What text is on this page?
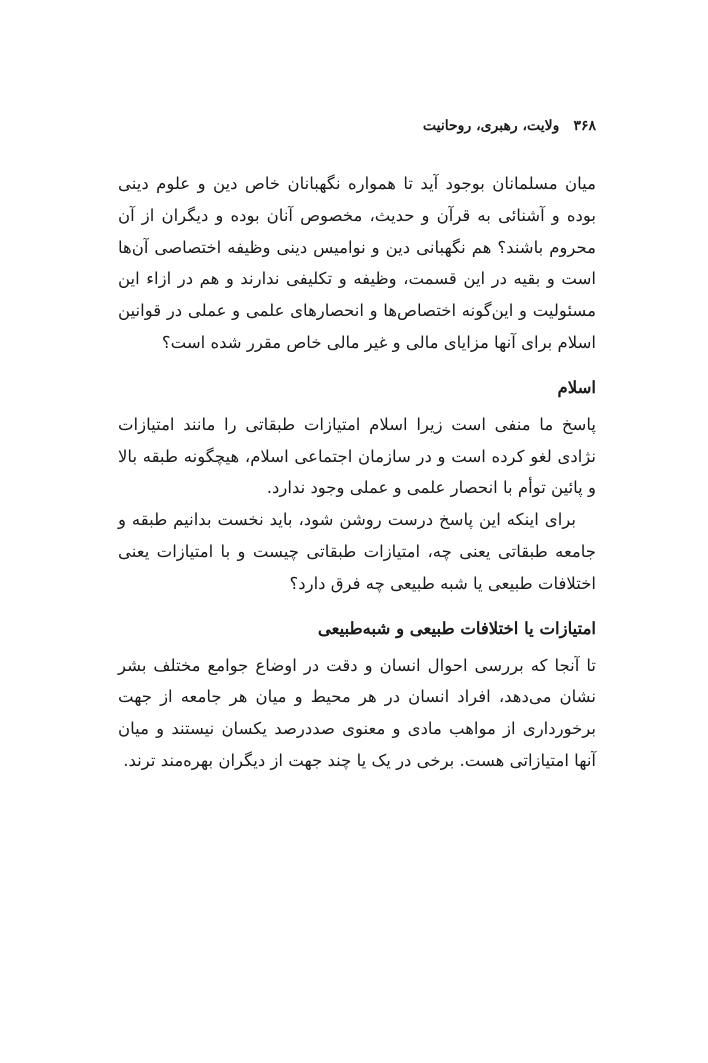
۳۶۸
ولایت، رهبری، روحانیت

میان مسلمانان بوجود آید تا همواره نگهبانان خاص دین و علوم دینی بوده و آشنائی به قرآن و حدیث، مخصوص آنان بوده و دیگران از آن محروم باشند؟ هم نگهبانی دین و نوامیس دینی وظیفه اختصاصی آن‌ها است و بقیه در این قسمت، وظیفه و تکلیفی ندارند و هم در ازاء این مسئولیت و این‌گونه اختصاص‌ها و انحصارهای علمی و عملی در قوانین اسلام برای آنها مزایای مالی و غیر مالی خاص مقرر شده است؟

اسلام

پاسخ ما منفی است زیرا اسلام امتیازات طبقاتی را مانند امتیازات نژادی لغو کرده است و در سازمان اجتماعی اسلام، هیچگونه طبقه بالا و پائین توأم با انحصار علمی و عملی وجود ندارد.

برای اینکه این پاسخ درست روشن شود، باید نخست بدانیم طبقه و جامعه طبقاتی یعنی چه، امتیازات طبقاتی چیست و با امتیازات یعنی اختلافات طبیعی یا شبه طبیعی چه فرق دارد؟

امتیازات یا اختلافات طبیعی و شبه‌طبیعی

تا آنجا که بررسی احوال انسان و دقت در اوضاع جوامع مختلف بشر نشان می‌دهد، افراد انسان در هر محیط و میان هر جامعه از جهت برخورداری از مواهب مادی و معنوی صددرصد یکسان نیستند و میان آنها امتیازاتی هست. برخی در یک یا چند جهت از دیگران بهره‌مند ترند.
